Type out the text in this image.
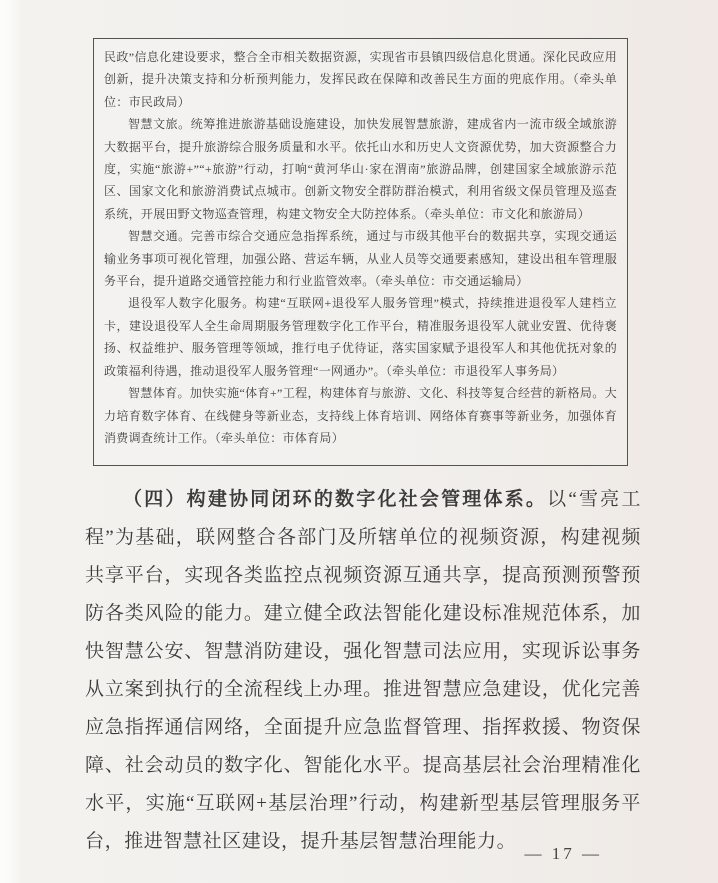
民政”信息化建设要求，整合全市相关数据资源，实现省市县镇四级信息化贯通。深化民政应用创新，提升决策支持和分析预判能力，发挥民政在保障和改善民生方面的兜底作用。（牵头单位：市民政局）

智慧文旅。统筹推进旅游基础设施建设，加快发展智慧旅游，建成省内一流市级全域旅游大数据平台，提升旅游综合服务质量和水平。依托山水和历史人文资源优势，加大资源整合力度，实施“旅游+”“+旅游”行动，打响“黄河华山·家在渭南”旅游品牌，创建国家全域旅游示范区、国家文化和旅游消费试点城市。创新文物安全群防群治模式，利用省级文保员管理及巡查系统，开展田野文物巡查管理，构建文物安全大防控体系。（牵头单位：市文化和旅游局）

智慧交通。完善市综合交通应急指挥系统，通过与市级其他平台的数据共享，实现交通运输业务事项可视化管理，加强公路、营运车辆，从业人员等交通要素感知，建设出租车管理服务平台，提升道路交通管控能力和行业监管效率。（牵头单位：市交通运输局）

退役军人数字化服务。构建“互联网+退役军人服务管理”模式，持续推进退役军人建档立卡，建设退役军人全生命周期服务管理数字化工作平台，精准服务退役军人就业安置、优待褒扬、权益维护、服务管理等领域，推行电子优待证，落实国家赋予退役军人和其他优抚对象的政策福利待遇，推动退役军人服务管理“一网通办”。（牵头单位：市退役军人事务局）

智慧体育。加快实施“体育+”工程，构建体育与旅游、文化、科技等复合经营的新格局。大力培育数字体育、在线健身等新业态，支持线上体育培训、网络体育赛事等新业务，加强体育消费调查统计工作。（牵头单位：市体育局）

（四）构建协同闭环的数字化社会管理体系。以“雪亮工程”为基础，联网整合各部门及所辖单位的视频资源，构建视频共享平台，实现各类监控点视频资源互通共享，提高预测预警预防各类风险的能力。建立健全政法智能化建设标准规范体系，加快智慧公安、智慧消防建设，强化智慧司法应用，实现诉讼事务从立案到执行的全流程线上办理。推进智慧应急建设，优化完善应急指挥通信网络，全面提升应急监督管理、指挥救援、物资保障、社会动员的数字化、智能化水平。提高基层社会治理精准化水平，实施“互联网+基层治理”行动，构建新型基层管理服务平台，推进智慧社区建设，提升基层智慧治理能力。
— 17 —
